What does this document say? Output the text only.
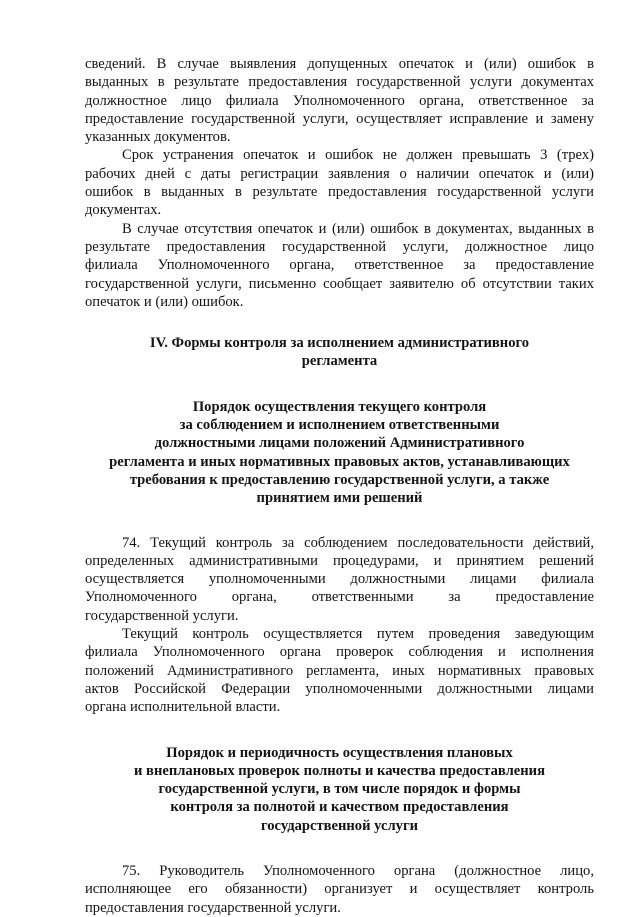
сведений. В случае выявления допущенных опечаток и (или) ошибок в
выданных в результате предоставления государственной услуги документах
должностное лицо филиала Уполномоченного органа, ответственное за
предоставление государственной услуги, осуществляет исправление и замену
указанных документов.

Срок устранения опечаток и ошибок не должен превышать 3 (трех)
рабочих дней с даты регистрации заявления о наличии опечаток и (или)
ошибок в выданных в результате предоставления государственной услуги
документах.

В случае отсутствия опечаток и (или) ошибок в документах, выданных в
результате предоставления государственной услуги, должностное лицо
филиала Уполномоченного органа, ответственное за предоставление
государственной услуги, письменно сообщает заявителю об отсутствии таких
опечаток и (или) ошибок.

IV. Формы контроля за исполнением административного
регламента
Порядок осуществления текущего контроля
за соблюдением и исполнением ответственными
должностными лицами положений Административного
регламента и иных нормативных правовых актов, устанавливающих
требования к предоставлению государственной услуги, а также
принятием ими решений

74. Текущий контроль за соблюдением последовательности действий,
определенных административными процедурами, и принятием решений
осуществляется уполномоченными должностными лицами филиала
Уполномоченного органа, ответственными за предоставление
государственной услуги.

Текущий контроль осуществляется путем проведения заведующим
филиала Уполномоченного органа проверок соблюдения и исполнения
положений Административного регламента, иных нормативных правовых
актов Российской Федерации уполномоченными должностными лицами
органа исполнительной власти.

Порядок и периодичность осуществления плановых
и внеплановых проверок полноты и качества предоставления
государственной услуги, в том числе порядок и формы
контроля за полнотой и качеством предоставления
государственной услуги

75. Руководитель Уполномоченного органа (должностное лицо,
исполняющее его обязанности) организует и осуществляет контроль
предоставления государственной услуги.
